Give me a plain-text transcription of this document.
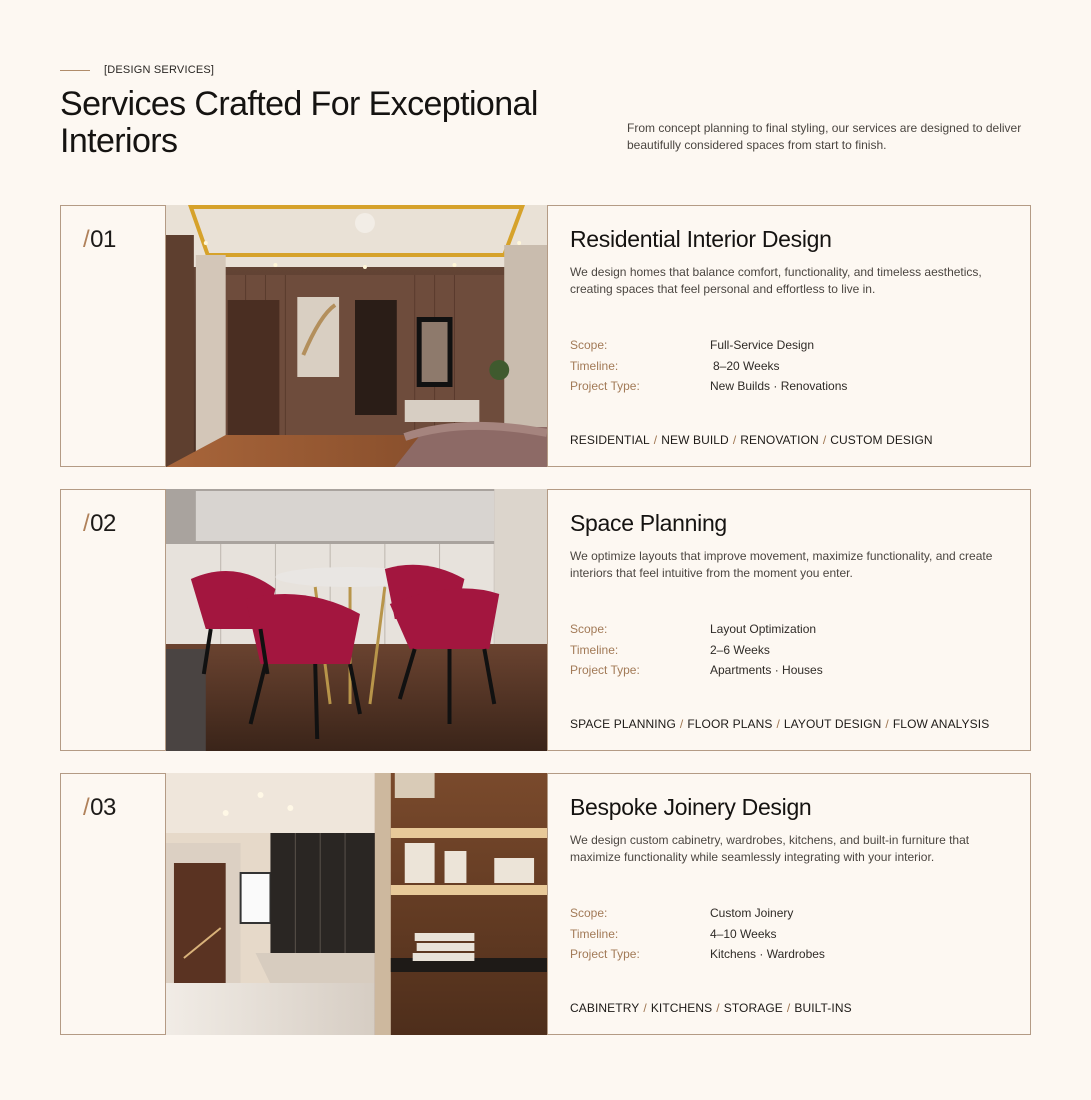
[DESIGN SERVICES]
Services Crafted For Exceptional Interiors	From concept planning to final styling, our services are designed to deliver beautifully considered spaces from start to finish.

/01	Residential Interior Design

We design homes that balance comfort, functionality, and timeless aesthetics, creating spaces that feel personal and effortless to live in.

Scope:	Full-Service Design
Timeline:	8–20 Weeks
Project Type:	New Builds · Renovations
RESIDENTIAL / NEW BUILD / RENOVATION / CUSTOM DESIGN
/02	Space Planning

We optimize layouts that improve movement, maximize functionality, and create interiors that feel intuitive from the moment you enter.

Scope:	Layout Optimization
Timeline:	2–6 Weeks
Project Type:	Apartments · Houses
SPACE PLANNING / FLOOR PLANS / LAYOUT DESIGN / FLOW ANALYSIS
/03	Bespoke Joinery Design

We design custom cabinetry, wardrobes, kitchens, and built-in furniture that maximize functionality while seamlessly integrating with your interior.

Scope:	Custom Joinery
Timeline:	4–10 Weeks
Project Type:	Kitchens · Wardrobes
CABINETRY / KITCHENS / STORAGE / BUILT-INS
